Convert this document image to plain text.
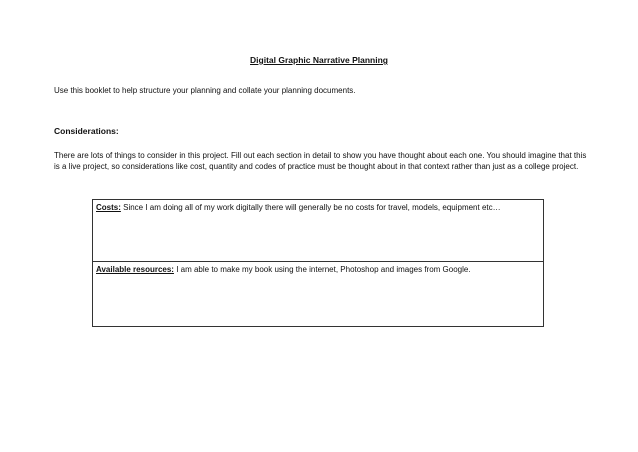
Digital Graphic Narrative Planning
Use this booklet to help structure your planning and collate your planning documents.
Considerations:
There are lots of things to consider in this project. Fill out each section in detail to show you have thought about each one. You should imagine that this is a live project, so considerations like cost, quantity and codes of practice must be thought about in that context rather than just as a college project.
Costs: Since I am doing all of my work digitally there will generally be no costs for travel, models, equipment etc…
Available resources: I am able to make my book using the internet, Photoshop and images from Google.
